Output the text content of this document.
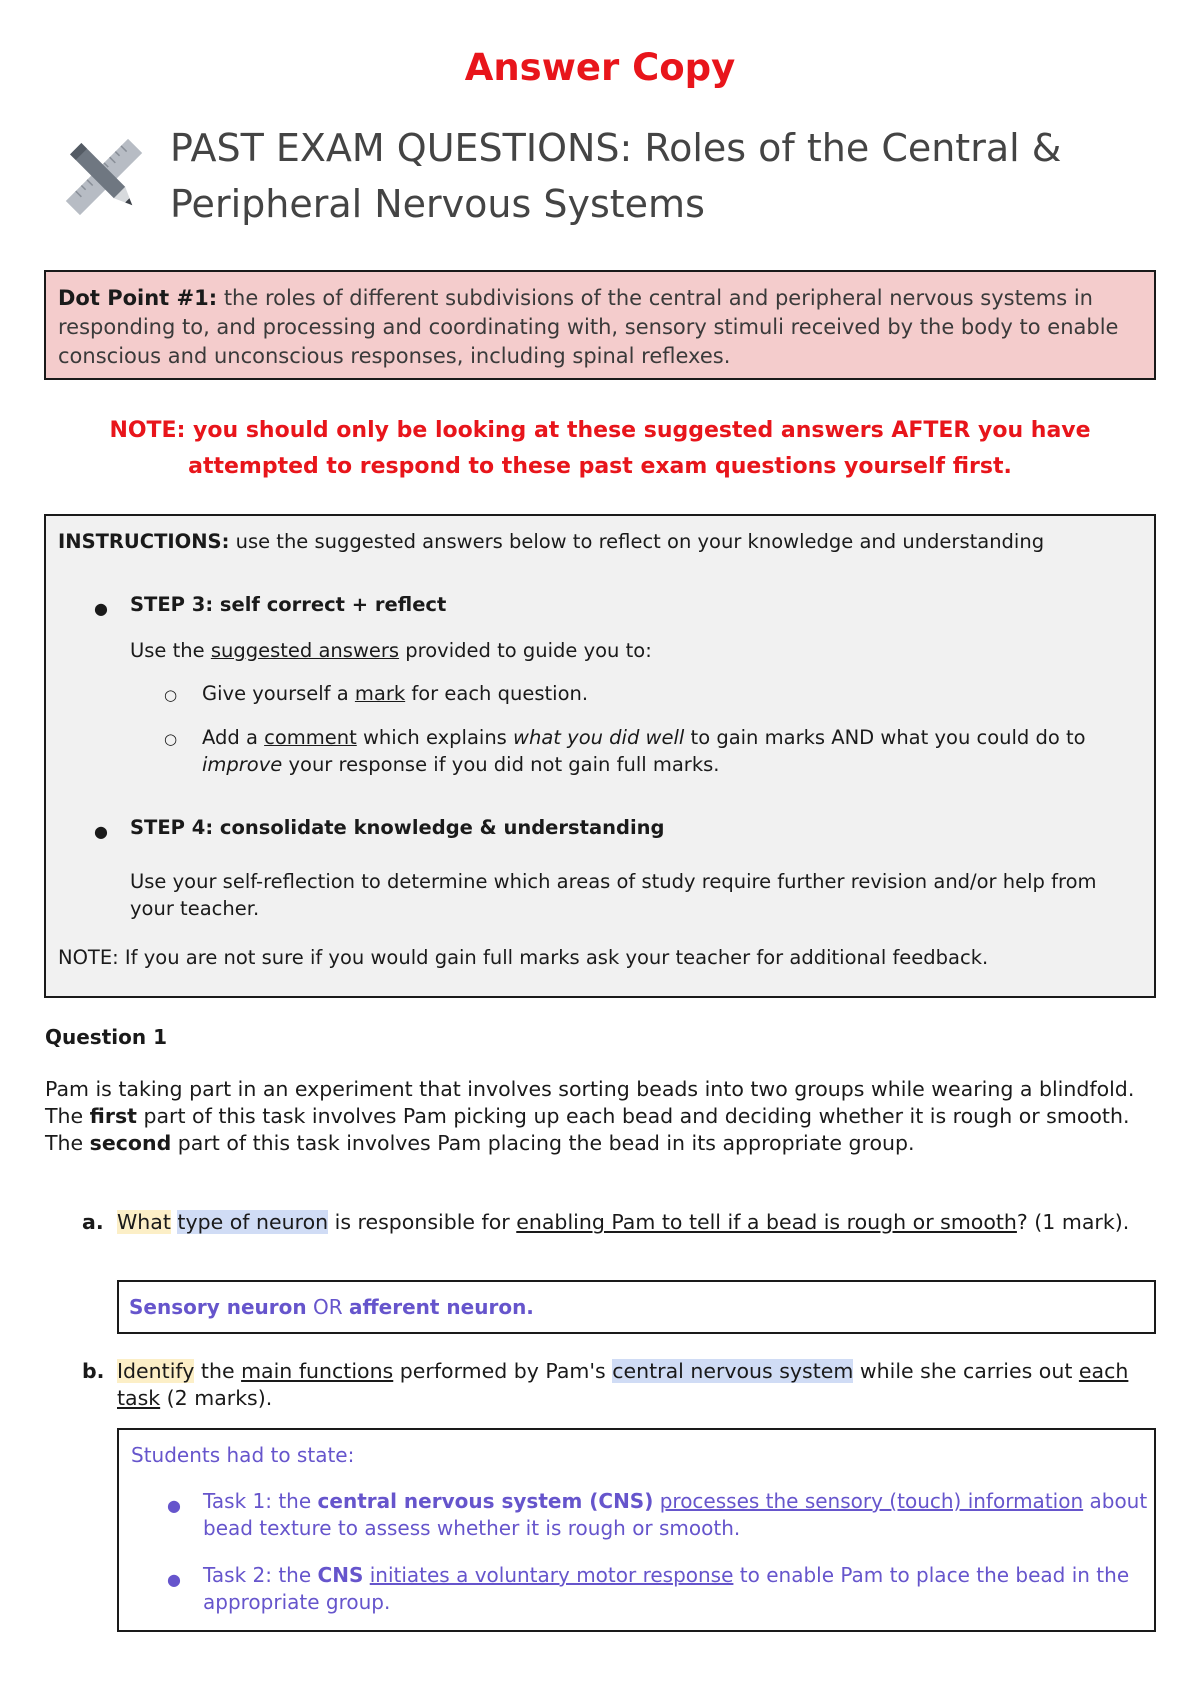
Answer Copy
PAST EXAM QUESTIONS: Roles of the Central &
Peripheral Nervous Systems
Dot Point #1: the roles of different subdivisions of the central and peripheral nervous systems in responding to, and processing and coordinating with, sensory stimuli received by the body to enable conscious and unconscious responses, including spinal reflexes.
NOTE: you should only be looking at these suggested answers AFTER you have
attempted to respond to these past exam questions yourself first.

INSTRUCTIONS: use the suggested answers below to reflect on your knowledge and understanding

● STEP 3: self correct + reflect
Use the suggested answers provided to guide you to:
○ Give yourself a mark for each question.
○ Add a comment which explains what you did well to gain marks AND what you could do to improve your response if you did not gain full marks.
● STEP 4: consolidate knowledge & understanding
Use your self-reflection to determine which areas of study require further revision and/or help from your teacher.
NOTE: If you are not sure if you would gain full marks ask your teacher for additional feedback.
Question 1
Pam is taking part in an experiment that involves sorting beads into two groups while wearing a blindfold. The first part of this task involves Pam picking up each bead and deciding whether it is rough or smooth. The second part of this task involves Pam placing the bead in its appropriate group.
a. What type of neuron is responsible for enabling Pam to tell if a bead is rough or smooth? (1 mark).
Sensory neuron OR afferent neuron.
b. Identify the main functions performed by Pam's central nervous system while she carries out each task (2 marks).
Students had to state:
● Task 1: the central nervous system (CNS) processes the sensory (touch) information about bead texture to assess whether it is rough or smooth.
● Task 2: the CNS initiates a voluntary motor response to enable Pam to place the bead in the appropriate group.
